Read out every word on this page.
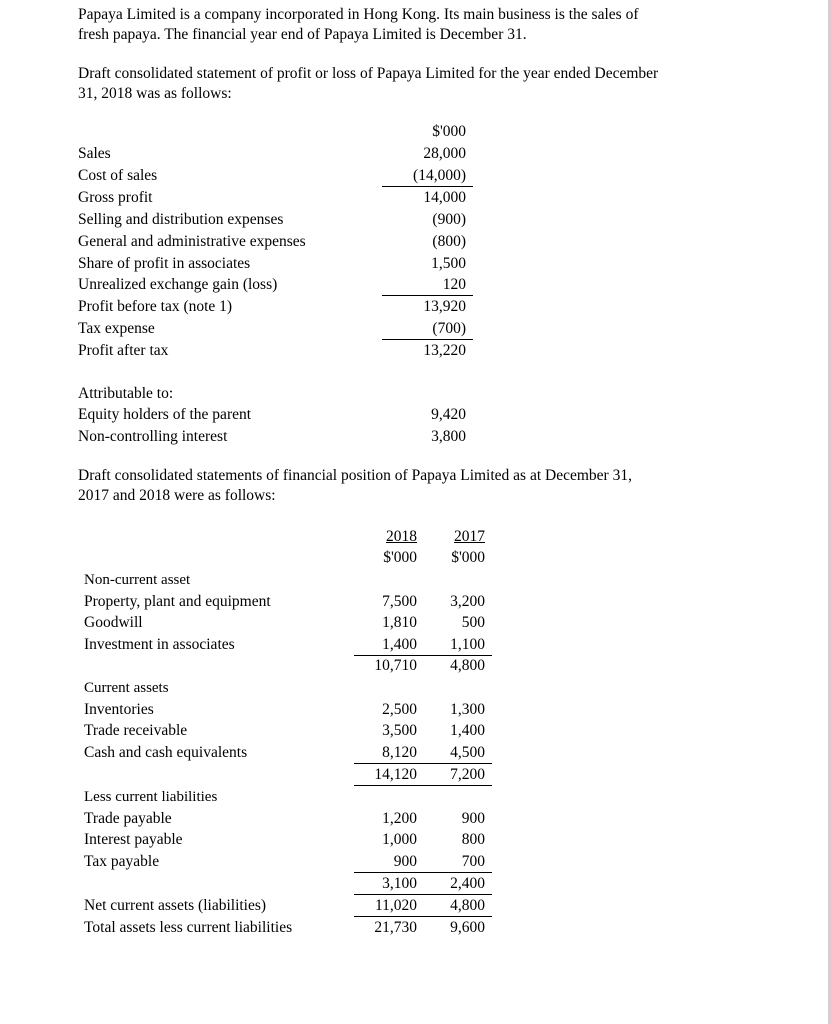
Papaya Limited is a company incorporated in Hong Kong. Its main business is the sales of
fresh papaya. The financial year end of Papaya Limited is December 31.

Draft consolidated statement of profit or loss of Papaya Limited for the year ended December
31, 2018 was as follows:

$'000
Sales	28,000
Cost of sales	(14,000)
Gross profit	14,000
Selling and distribution expenses	(900)
General and administrative expenses	(800)
Share of profit in associates	1,500
Unrealized exchange gain (loss)	120
Profit before tax (note 1)	13,920
Tax expense	(700)
Profit after tax	13,220
Attributable to:
Equity holders of the parent	9,420
Non-controlling interest	3,800

Draft consolidated statements of financial position of Papaya Limited as at December 31,
2017 and 2018 were as follows:

2018	2017
$'000	$'000
Non-current asset
Property, plant and equipment	7,500	3,200
Goodwill	1,810	500
Investment in associates	1,400	1,100
10,710	4,800
Current assets
Inventories	2,500	1,300
Trade receivable	3,500	1,400
Cash and cash equivalents	8,120	4,500
14,120	7,200
Less current liabilities
Trade payable	1,200	900
Interest payable	1,000	800
Tax payable	900	700
3,100	2,400
Net current assets (liabilities)	11,020	4,800
Total assets less current liabilities	21,730	9,600
